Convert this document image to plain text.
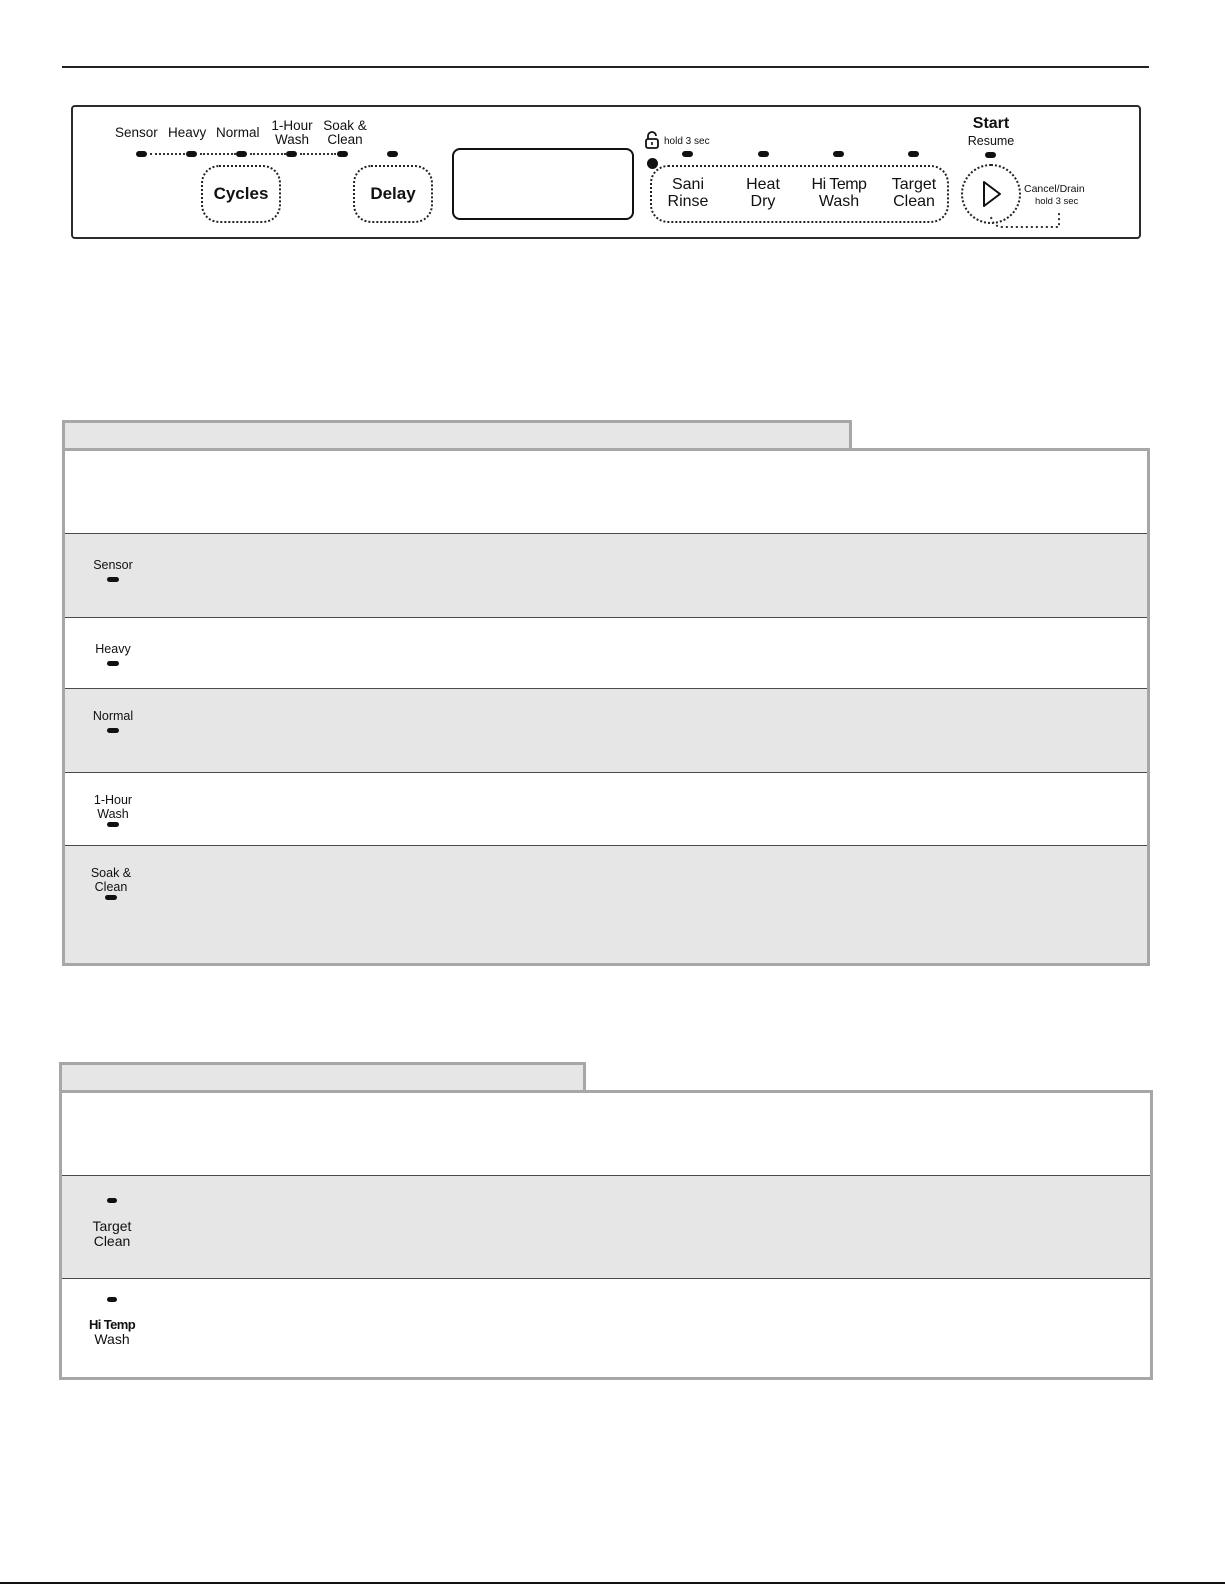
Sensor Heavy Normal 1-Hour
Wash
Soak &
Clean
Cycles	Delay
hold 3 sec
Sani
Rinse
Heat
Dry
Hi Temp
Wash
Target
Clean
Start
Resume
Cancel/Drain
hold 3 sec
Sensor
Heavy
Normal
1-Hour
Wash
Soak &
Clean
Target
Clean
Hi Temp
Wash
